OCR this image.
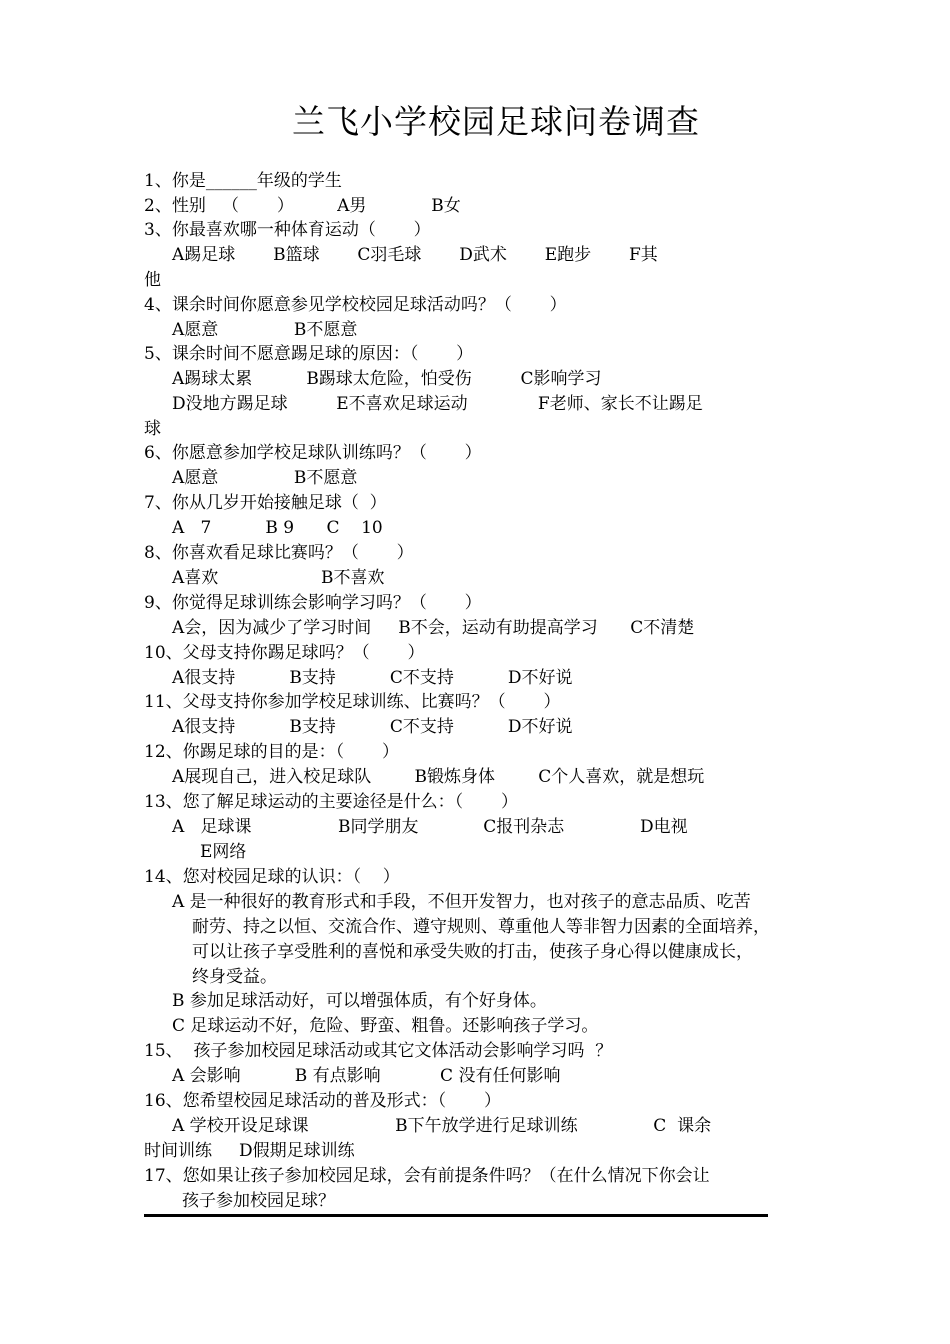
兰飞小学校园足球问卷调查
1、你是______年级的学生
2、性别   （       ）        A男            B女
3、你最喜欢哪一种体育运动（       ）
A踢足球       B篮球       C羽毛球       D武术       E跑步       F其
他
4、课余时间你愿意参见学校校园足球活动吗？（       ）
A愿意              B不愿意
5、课余时间不愿意踢足球的原因：（       ）
A踢球太累          B踢球太危险，怕受伤         C影响学习
D没地方踢足球         E不喜欢足球运动             F老师、家长不让踢足
球
6、你愿意参加学校足球队训练吗？（       ）
A愿意              B不愿意
7、你从几岁开始接触足球（  ）
A   7          B 9      C    10
8、你喜欢看足球比赛吗？（       ）
A喜欢                   B不喜欢
9、你觉得足球训练会影响学习吗？（       ）
A会，因为减少了学习时间     B不会，运动有助提高学习      C不清楚
10、父母支持你踢足球吗？（       ）
A很支持          B支持          C不支持          D不好说
11、父母支持你参加学校足球训练、比赛吗？（       ）
A很支持          B支持          C不支持          D不好说
12、你踢足球的目的是：（       ）
A展现自己，进入校足球队        B锻炼身体        C个人喜欢，就是想玩
13、您了解足球运动的主要途径是什么：（       ）
A   足球课                B同学朋友            C报刊杂志              D电视
E网络
14、您对校园足球的认识：（    ）
A 是一种很好的教育形式和手段，不但开发智力，也对孩子的意志品质、吃苦
耐劳、持之以恒、交流合作、遵守规则、尊重他人等非智力因素的全面培养，
可以让孩子享受胜利的喜悦和承受失败的打击，使孩子身心得以健康成长，
终身受益。
B 参加足球活动好，可以增强体质，有个好身体。
C 足球运动不好，危险、野蛮、粗鲁。还影响孩子学习。
15、  孩子参加校园足球活动或其它文体活动会影响学习吗  ？
A 会影响          B 有点影响           C 没有任何影响
16、您希望校园足球活动的普及形式：（       ）
A 学校开设足球课                B下午放学进行足球训练              C  课余
时间训练     D假期足球训练
17、您如果让孩子参加校园足球，会有前提条件吗？（在什么情况下你会让
孩子参加校园足球？
